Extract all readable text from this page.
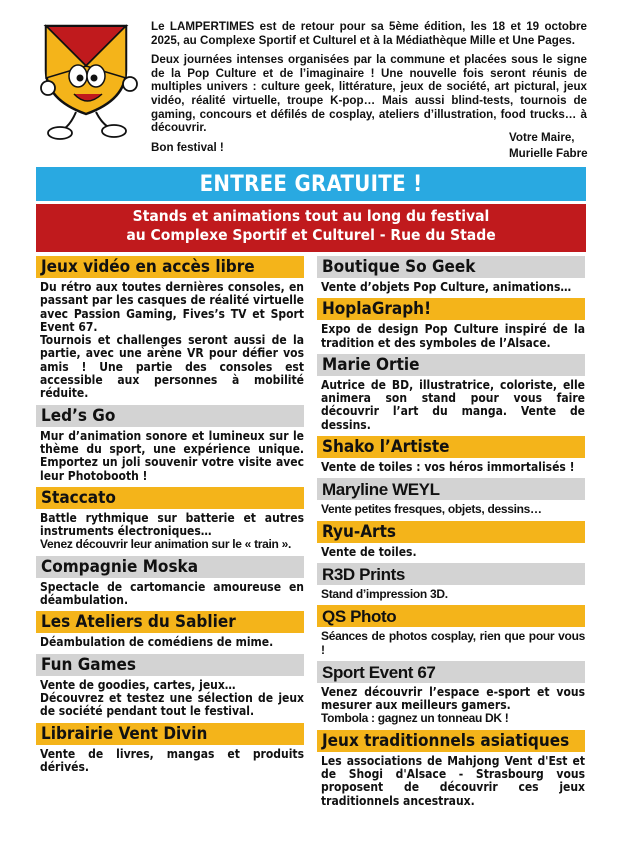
Le LAMPERTIMES est de retour pour sa 5ème édition, les 18 et 19 octobre 2025, au Complexe Sportif et Culturel et à la Médiathèque Mille et Une Pages.

Deux journées intenses organisées par la commune et placées sous le signe de la Pop Culture et de l’imaginaire ! Une nouvelle fois seront réunis de multiples univers : culture geek, littérature, jeux de société, art pictural, jeux vidéo, réalité virtuelle, troupe K-pop… Mais aussi blind-tests, tournois de gaming, concours et défilés de cosplay, ateliers d’illustration, food trucks… à découvrir.

Bon festival !

Votre Maire,
Murielle Fabre
ENTREE GRATUITE !
Stands et animations tout au long du festival
au Complexe Sportif et Culturel - Rue du Stade
Jeux vidéo en accès libre
Du rétro aux toutes dernières consoles, en passant par les casques de réalité virtuelle avec Passion Gaming, Fives’s TV et Sport Event 67.
Tournois et challenges seront aussi de la partie, avec une arène VR pour défier vos amis ! Une partie des consoles est accessible aux personnes à mobilité réduite.
Led’s Go
Mur d’animation sonore et lumineux sur le thème du sport, une expérience unique. Emportez un joli souvenir votre visite avec leur Photobooth !
Staccato
Battle rythmique sur batterie et autres instruments électroniques…
Venez découvrir leur animation sur le « train ».
Compagnie Moska
Spectacle de cartomancie amoureuse en déambulation.
Les Ateliers du Sablier
Déambulation de comédiens de mime.
Fun Games
Vente de goodies, cartes, jeux…
Découvrez et testez une sélection de jeux de société pendant tout le festival.
Librairie Vent Divin
Vente de livres, mangas et produits dérivés.
Boutique So Geek
Vente d’objets Pop Culture, animations…
HoplaGraph!
Expo de design Pop Culture inspiré de la tradition et des symboles de l’Alsace.
Marie Ortie
Autrice de BD, illustratrice, coloriste, elle animera son stand pour vous faire découvrir l’art du manga. Vente de dessins.
Shako l’Artiste
Vente de toiles : vos héros immortalisés !
Maryline WEYL
Vente petites fresques, objets, dessins…
Ryu-Arts
Vente de toiles.
R3D Prints
Stand d’impression 3D.
QS Photo
Séances de photos cosplay, rien que pour vous !
Sport Event 67
Venez découvrir l’espace e-sport et vous mesurer aux meilleurs gamers.
Tombola : gagnez un tonneau DK !
Jeux traditionnels asiatiques
Les associations de Mahjong Vent d'Est et de Shogi d'Alsace - Strasbourg vous proposent de découvrir ces jeux traditionnels ancestraux.
